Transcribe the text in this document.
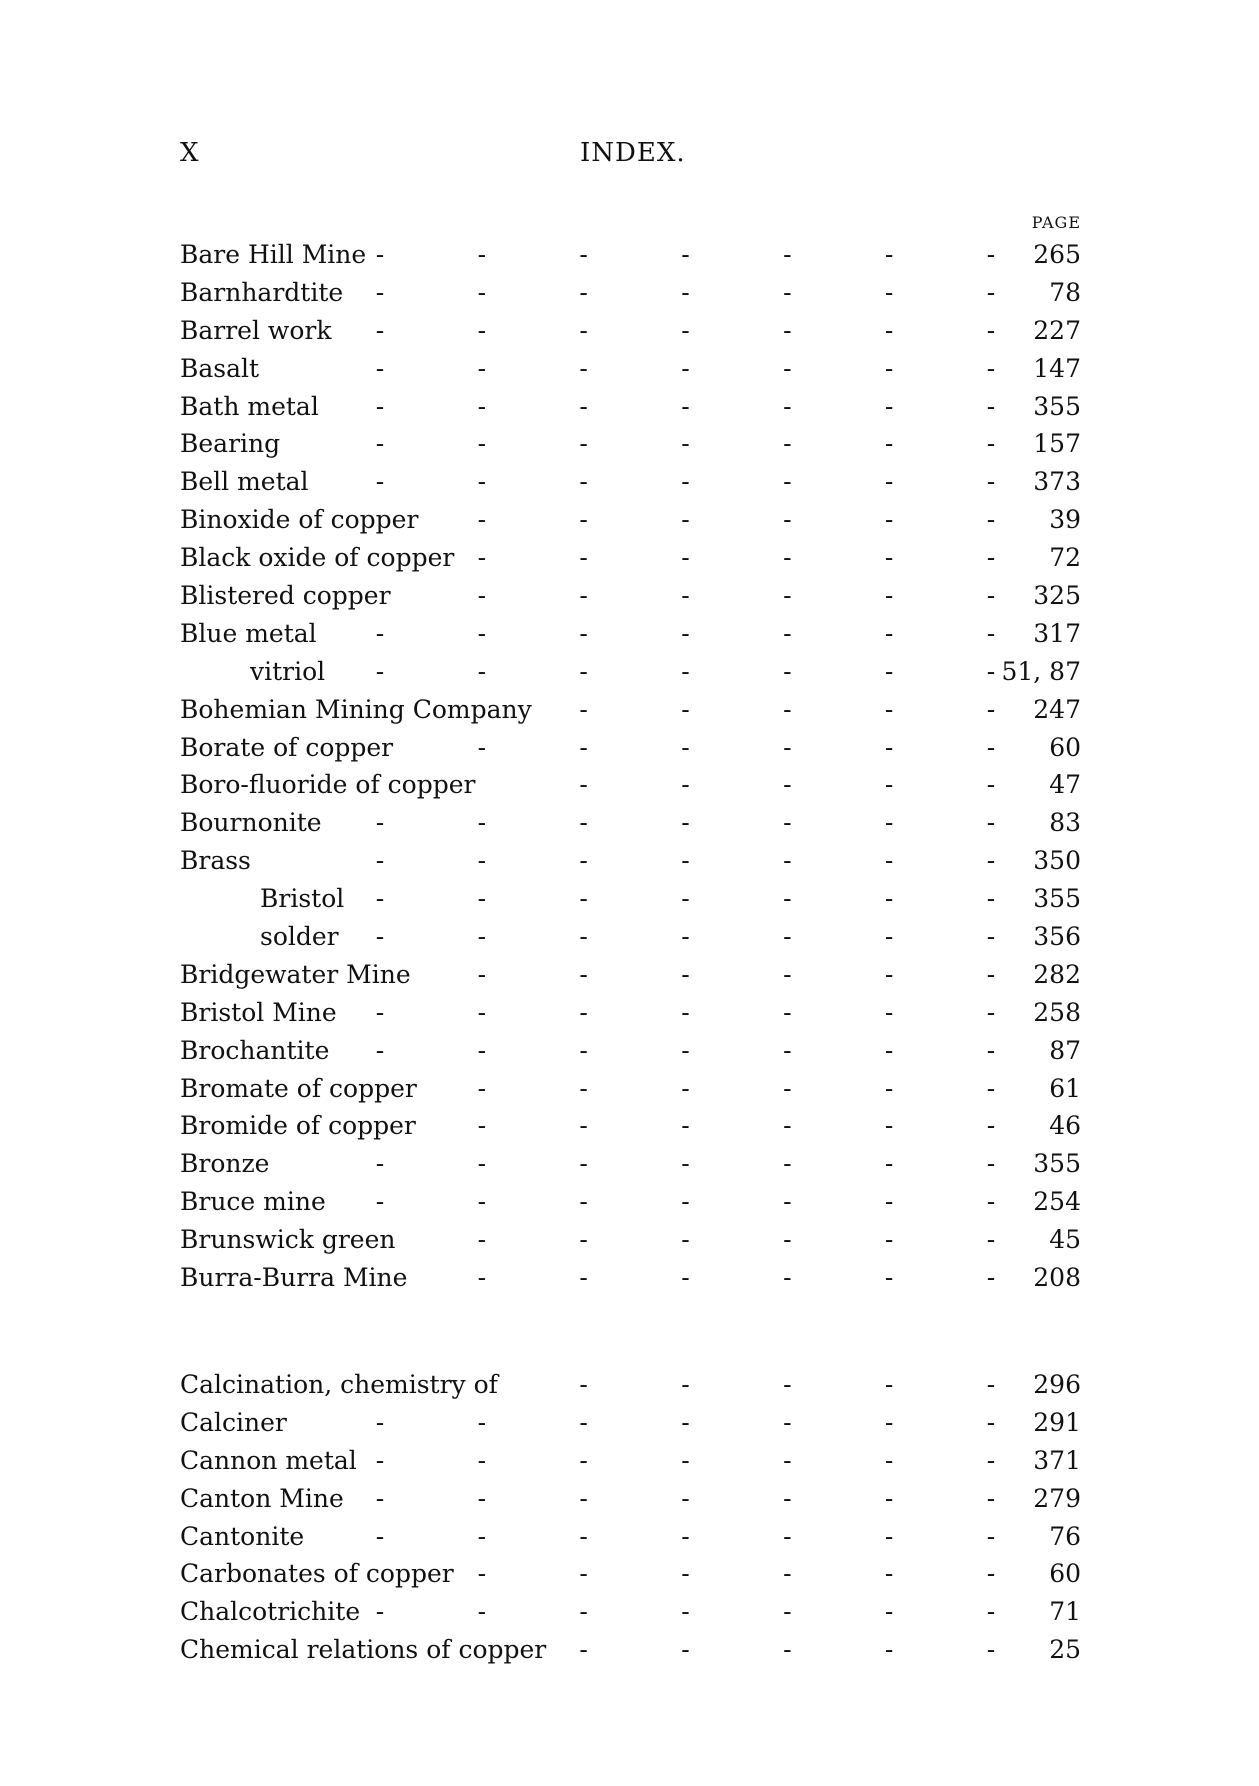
X	INDEX.
PAGE
Bare Hill Mine -	-	-	-	-	-	- 265
Barnhardtite -	-	-	-	-	-	- 78
Barrel work -	-	-	-	-	-	- 227
Basalt	-	-	-	-	-	-	- 147
Bath metal -	-	-	-	-	-	- 355
Bearing	-	-	-	-	-	-	- 157
Bell metal	-	-	-	-	-	-	- 373
Binoxide of copper -	-	-	-	-	- 39
Black oxide of copper -	-	-	-	-	- 72
Blistered copper	-	-	-	-	-	- 325
Blue metal -	-	-	-	-	-	- 317
vitriol -	-	-	-	-	-	- 51, 87
Bohemian Mining Company -	-	-	-	- 247
Borate of copper	-	-	-	-	-	- 60
Boro-fluoride of copper	-	-	-	-	- 47
Bournonite -	-	-	-	-	-	- 83
Brass	-	-	-	-	-	-	- 350
Bristol -	-	-	-	-	-	- 355
solder -	-	-	-	-	-	- 356
Bridgewater Mine	-	-	-	-	-	- 282
Bristol Mine -	-	-	-	-	-	- 258
Brochantite -	-	-	-	-	-	- 87
Bromate of copper -	-	-	-	-	- 61
Bromide of copper -	-	-	-	-	- 46
Bronze	-	-	-	-	-	-	- 355
Bruce mine -	-	-	-	-	-	- 254
Brunswick green	-	-	-	-	-	- 45
Burra-Burra Mine	-	-	-	-	-	- 208
Calcination, chemistry of	-	-	-	-	- 296
Calciner	-	-	-	-	-	-	- 291
Cannon metal -	-	-	-	-	-	- 371
Canton Mine -	-	-	-	-	-	- 279
Cantonite	-	-	-	-	-	-	- 76
Carbonates of copper -	-	-	-	-	- 60
Chalcotrichite -	-	-	-	-	-	- 71
Chemical relations of copper -	-	-	-	- 25
